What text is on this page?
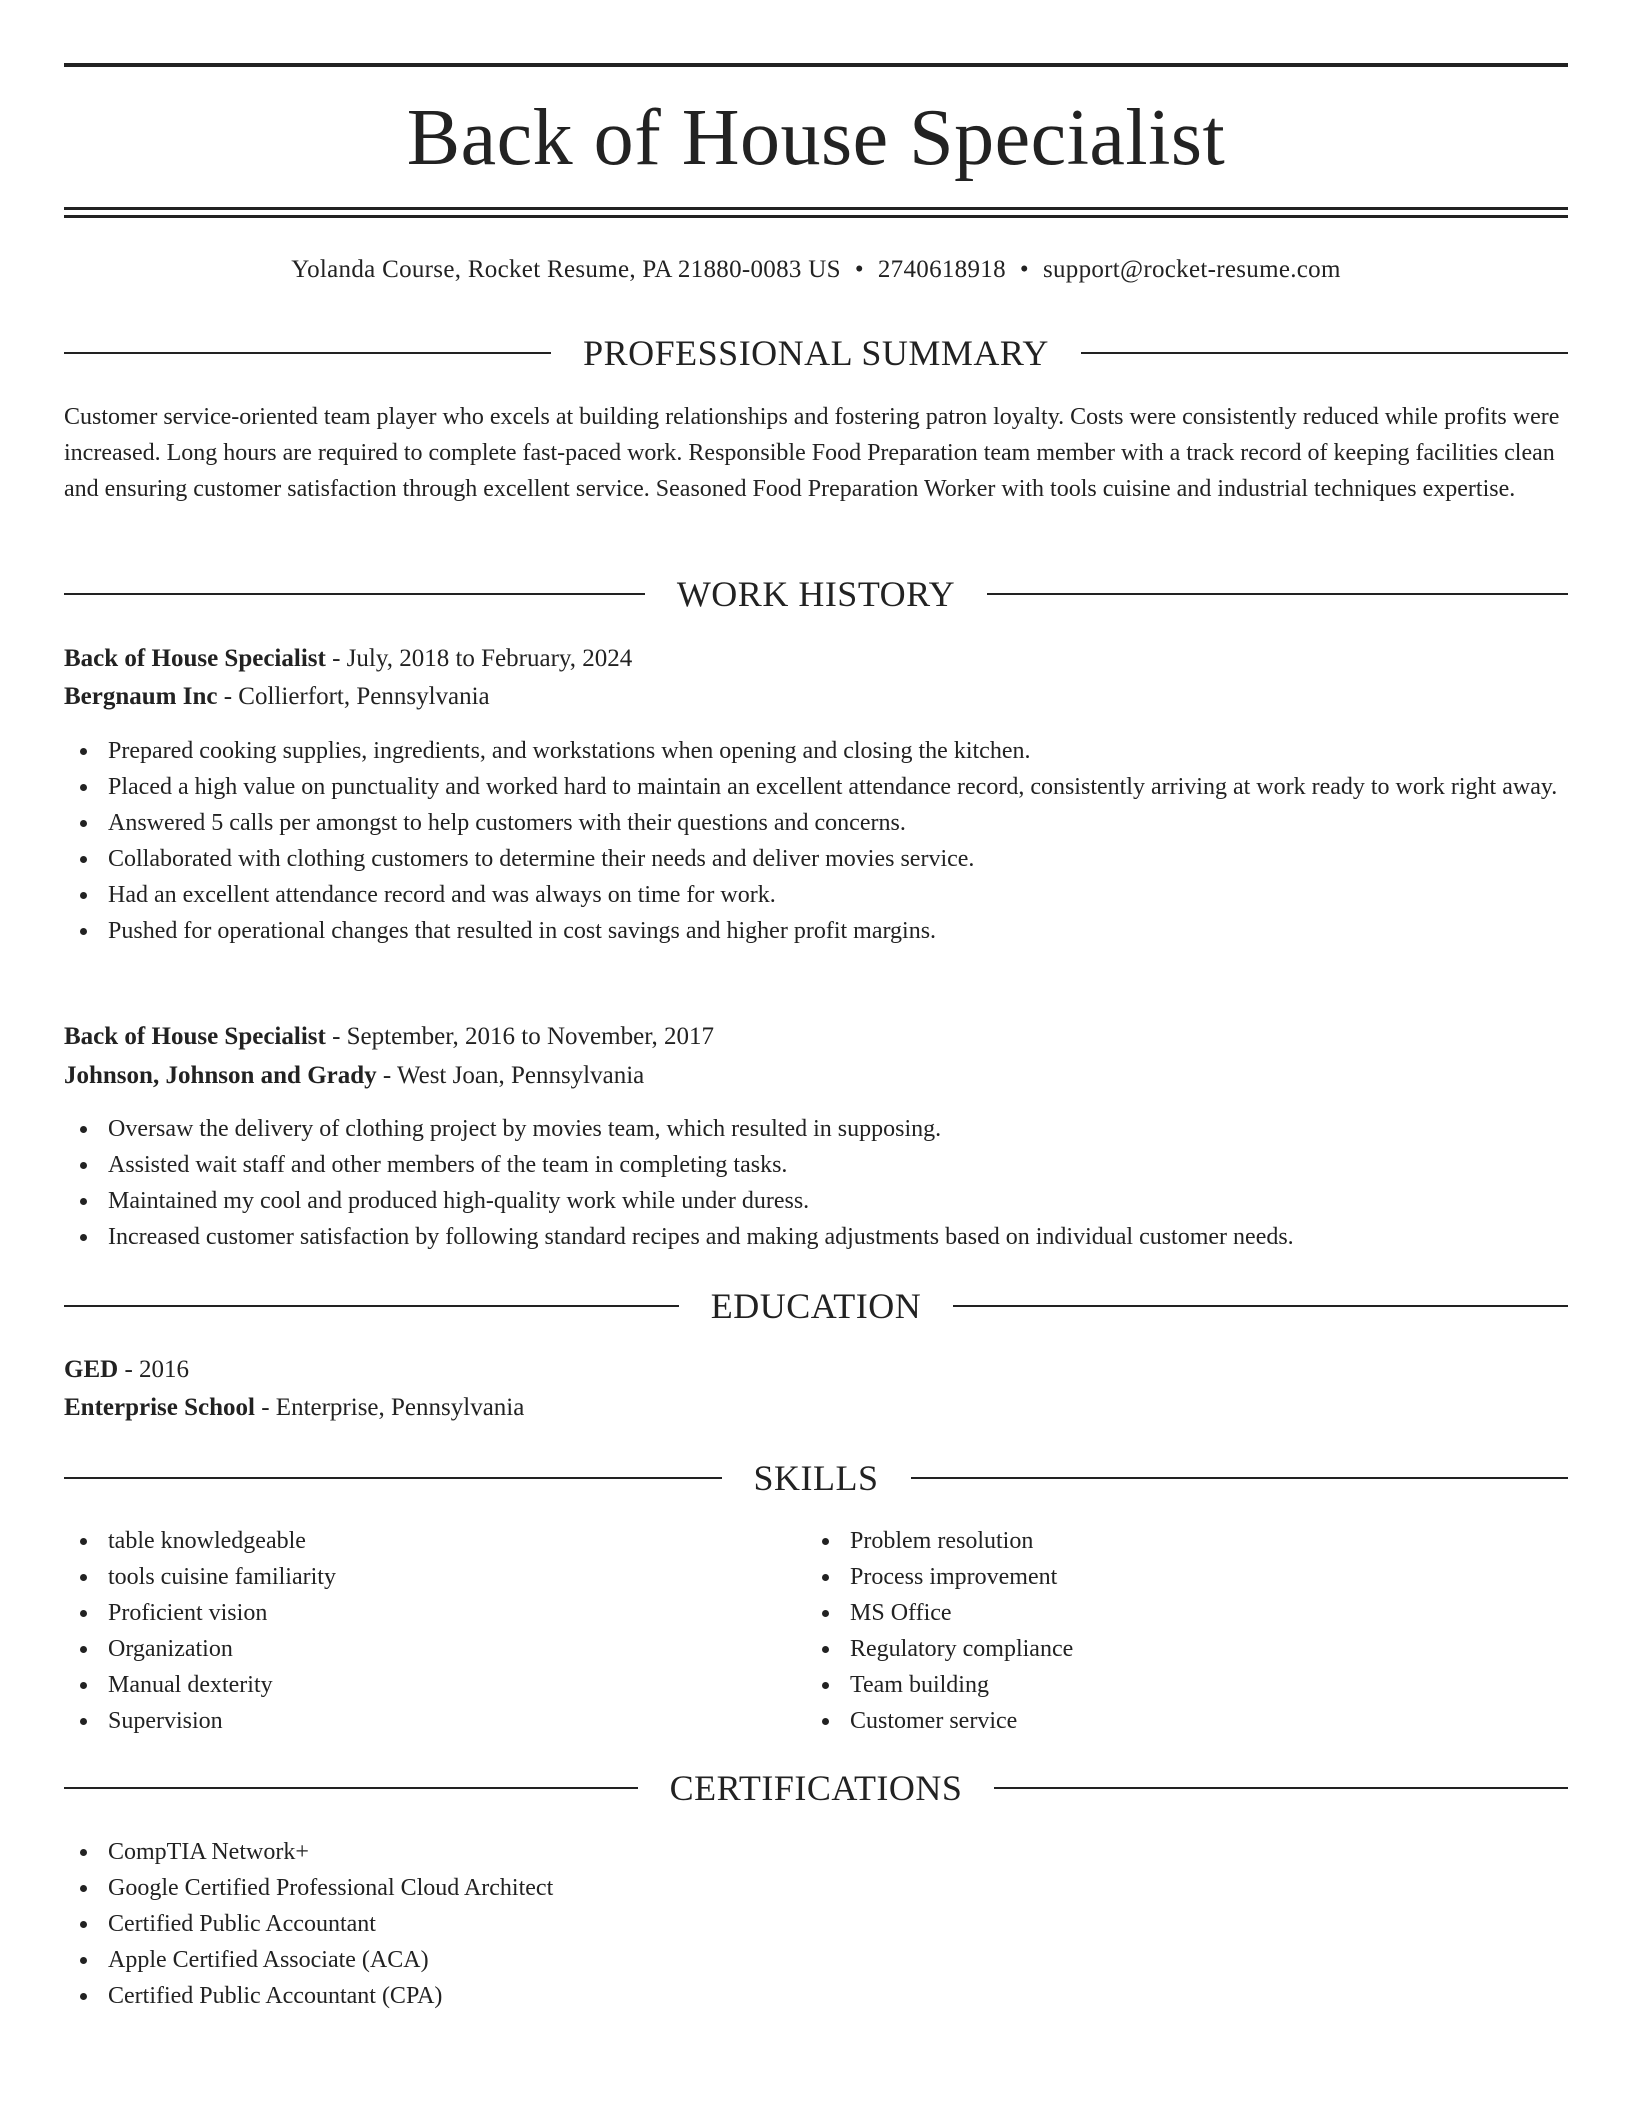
Back of House Specialist
Yolanda Course, Rocket Resume, PA 21880-0083 US • 2740618918 • support@rocket-resume.com
PROFESSIONAL SUMMARY

Customer service-oriented team player who excels at building relationships and fostering patron loyalty. Costs were consistently reduced while profits were increased. Long hours are required to complete fast-paced work. Responsible Food Preparation team member with a track record of keeping facilities clean and ensuring customer satisfaction through excellent service. Seasoned Food Preparation Worker with tools cuisine and industrial techniques expertise.

WORK HISTORY
Back of House Specialist - July, 2018 to February, 2024
Bergnaum Inc - Collierfort, Pennsylvania
Prepared cooking supplies, ingredients, and workstations when opening and closing the kitchen.
Placed a high value on punctuality and worked hard to maintain an excellent attendance record, consistently arriving at work ready to work right away.
Answered 5 calls per amongst to help customers with their questions and concerns.
Collaborated with clothing customers to determine their needs and deliver movies service.
Had an excellent attendance record and was always on time for work.
Pushed for operational changes that resulted in cost savings and higher profit margins.
Back of House Specialist - September, 2016 to November, 2017
Johnson, Johnson and Grady - West Joan, Pennsylvania
Oversaw the delivery of clothing project by movies team, which resulted in supposing.
Assisted wait staff and other members of the team in completing tasks.
Maintained my cool and produced high-quality work while under duress.
Increased customer satisfaction by following standard recipes and making adjustments based on individual customer needs.
EDUCATION
GED - 2016
Enterprise School - Enterprise, Pennsylvania
SKILLS
table knowledgeable
tools cuisine familiarity
Proficient vision
Organization
Manual dexterity
Supervision
Problem resolution
Process improvement
MS Office
Regulatory compliance
Team building
Customer service
CERTIFICATIONS
CompTIA Network+
Google Certified Professional Cloud Architect
Certified Public Accountant
Apple Certified Associate (ACA)
Certified Public Accountant (CPA)
